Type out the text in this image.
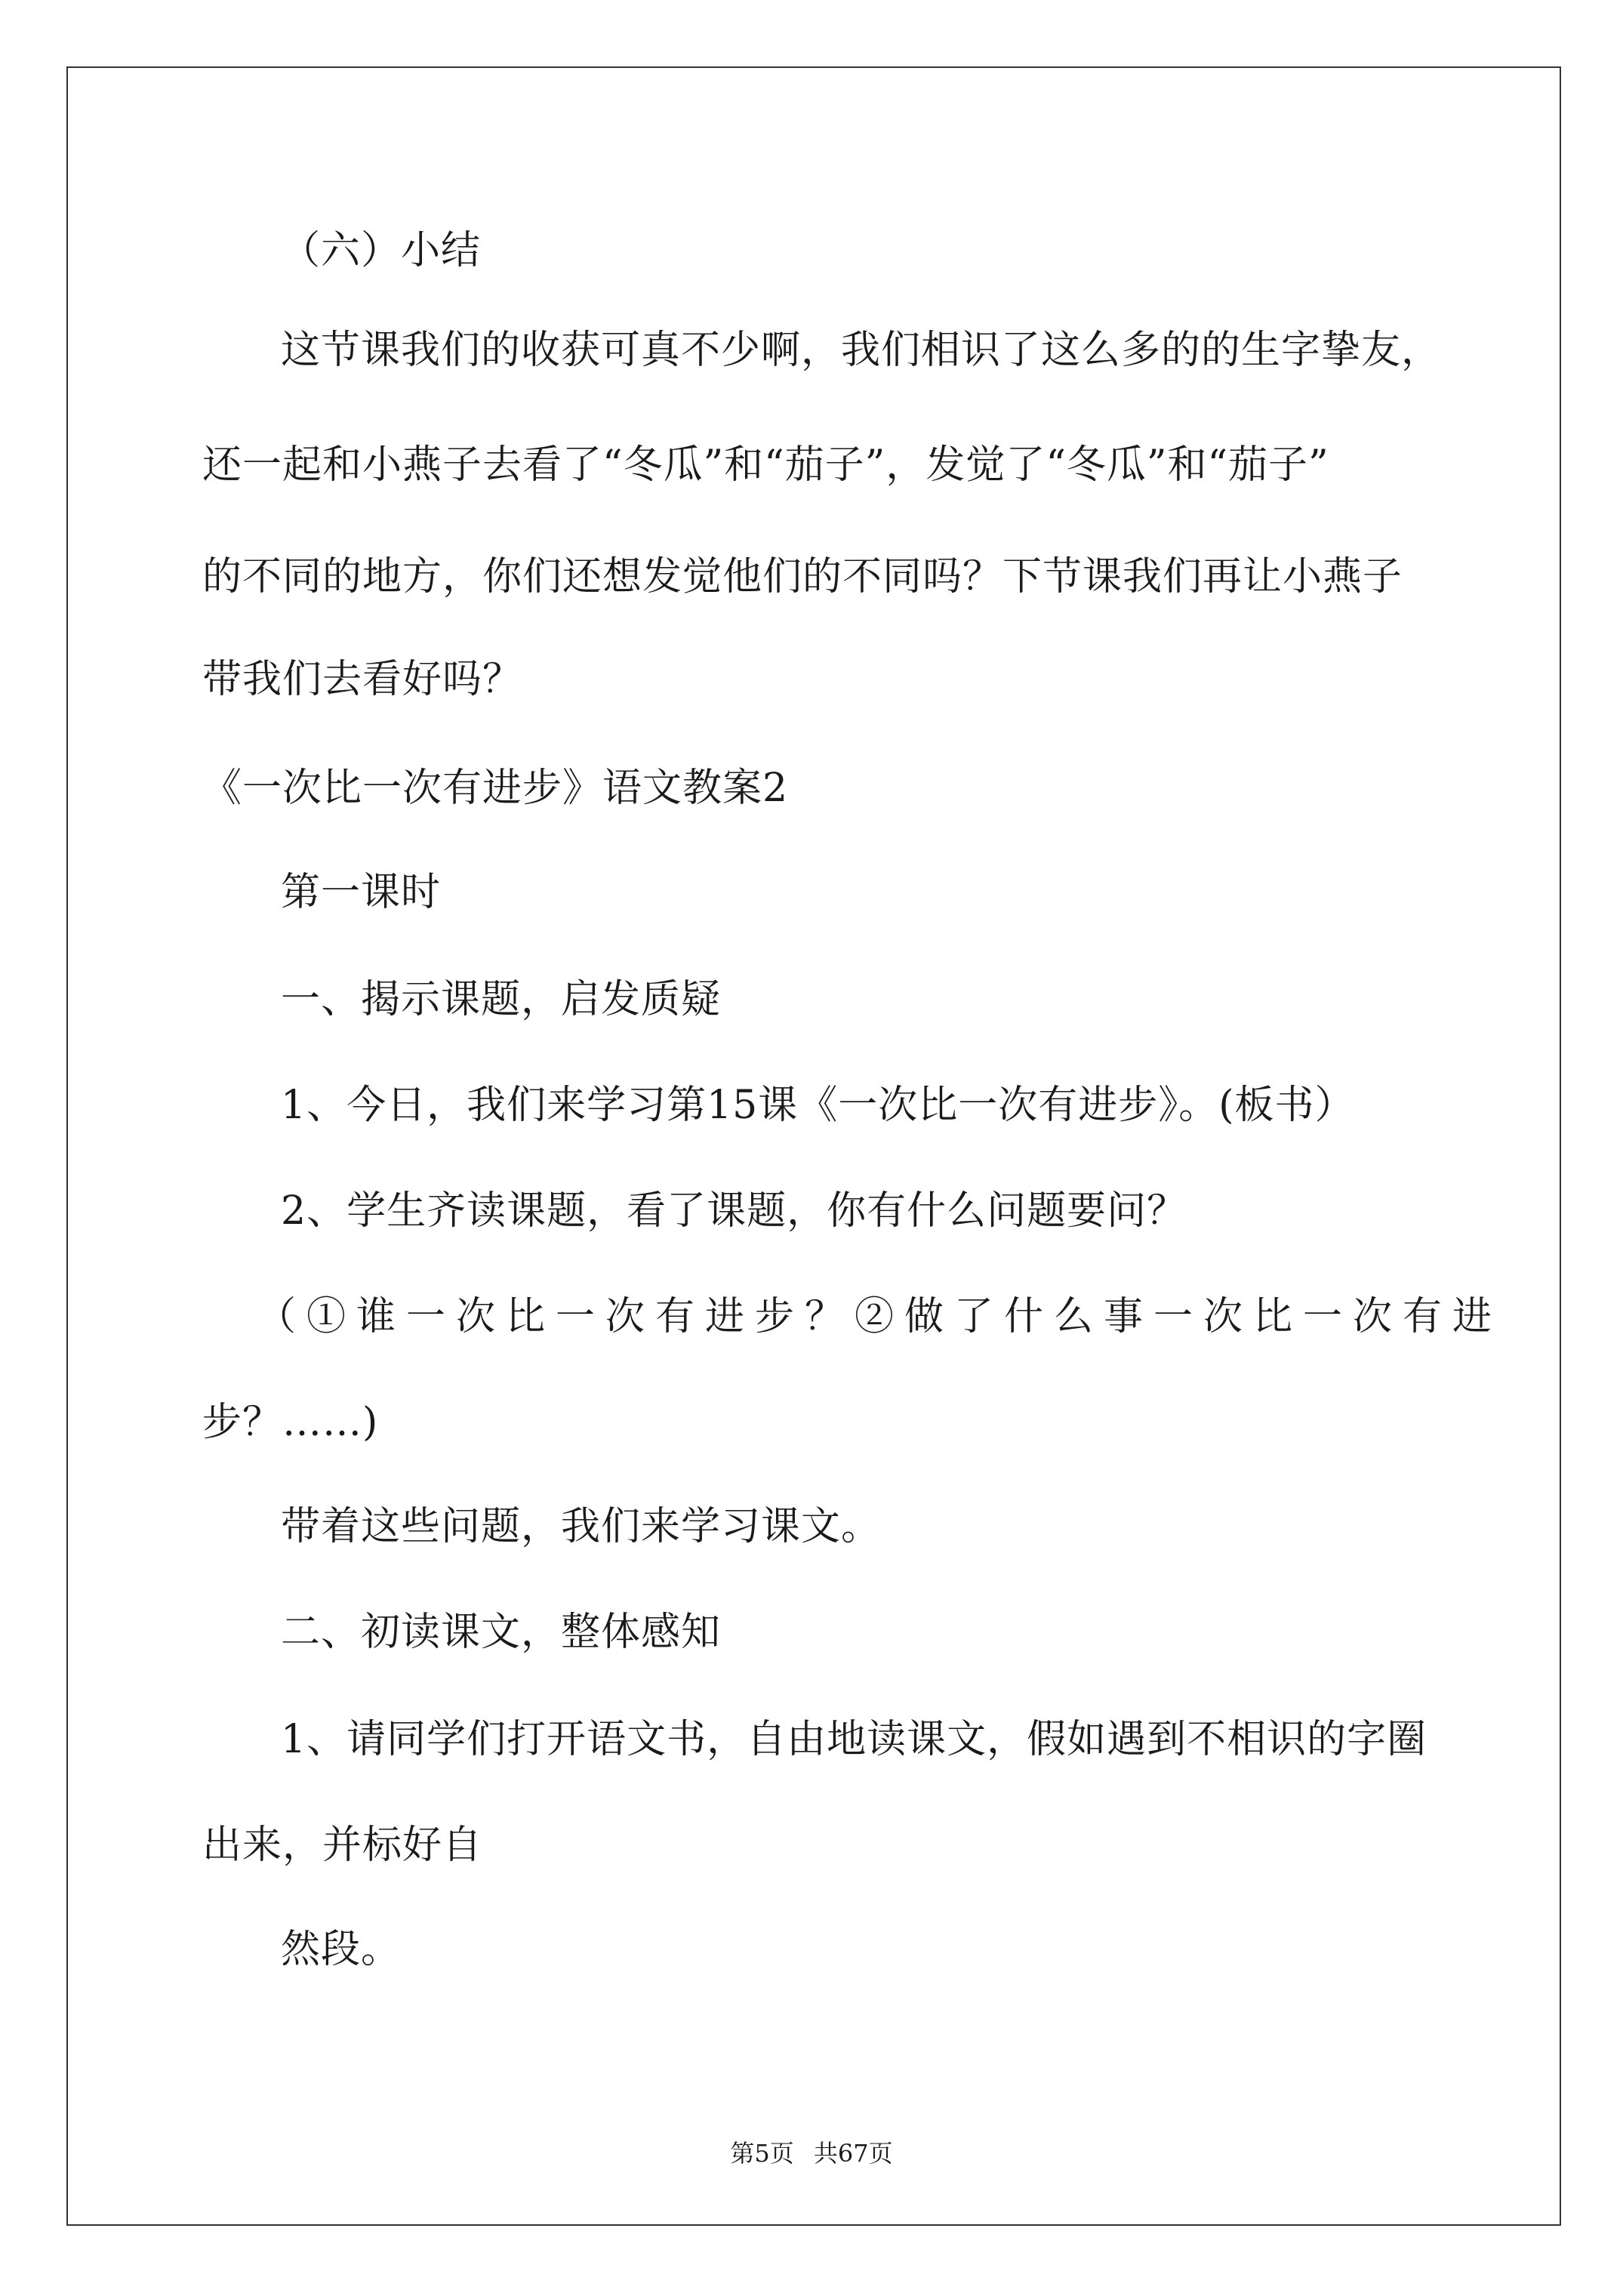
（六）小结
这节课我们的收获可真不少啊，我们相识了这么多的的生字挚友，
还一起和小燕子去看了“冬瓜”和“茄子”，发觉了“冬瓜”和“茄子”
的不同的地方，你们还想发觉他们的不同吗？下节课我们再让小燕子
带我们去看好吗？
《一次比一次有进步》语文教案2
第一课时
一、揭示课题，启发质疑
1、今日，我们来学习第15课《一次比一次有进步》。(板书）
2、学生齐读课题，看了课题，你有什么问题要问？
（①谁一次比一次有进步？②做了什么事一次比一次有进
步？……)
带着这些问题，我们来学习课文。
二、初读课文，整体感知
1、请同学们打开语文书，自由地读课文，假如遇到不相识的字圈
出来，并标好自
然段。
第5页 共67页
